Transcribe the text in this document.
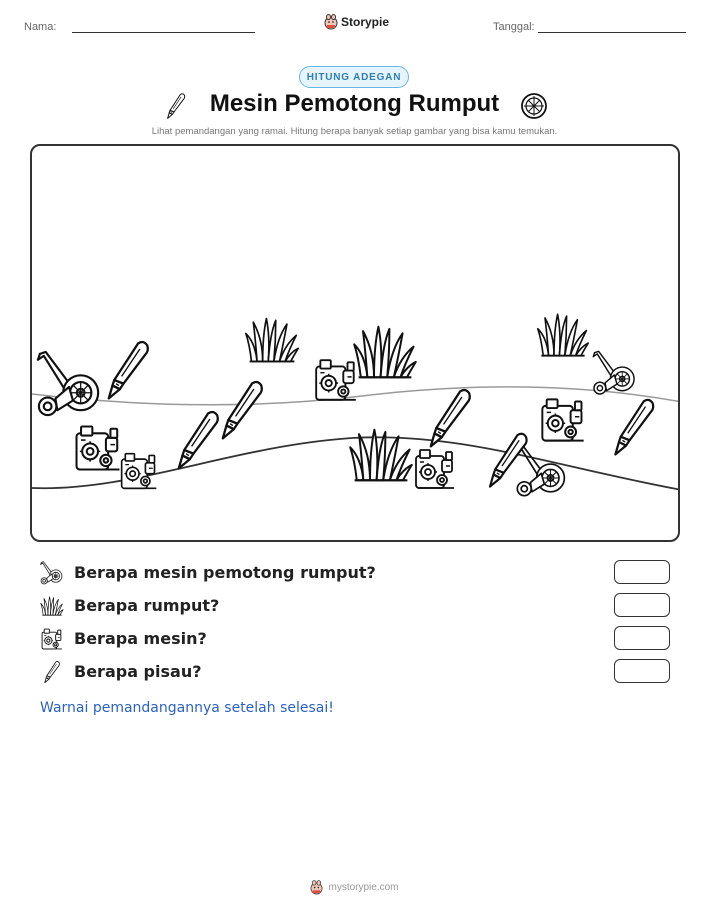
Nama:	Storypie	Tanggal:
HITUNG ADEGAN
Mesin Pemotong Rumput
Lihat pemandangan yang ramai. Hitung berapa banyak setiap gambar yang bisa kamu temukan.
Berapa mesin pemotong rumput?
Berapa rumput?
Berapa mesin?
Berapa pisau?
Warnai pemandangannya setelah selesai!
mystorypie.com
